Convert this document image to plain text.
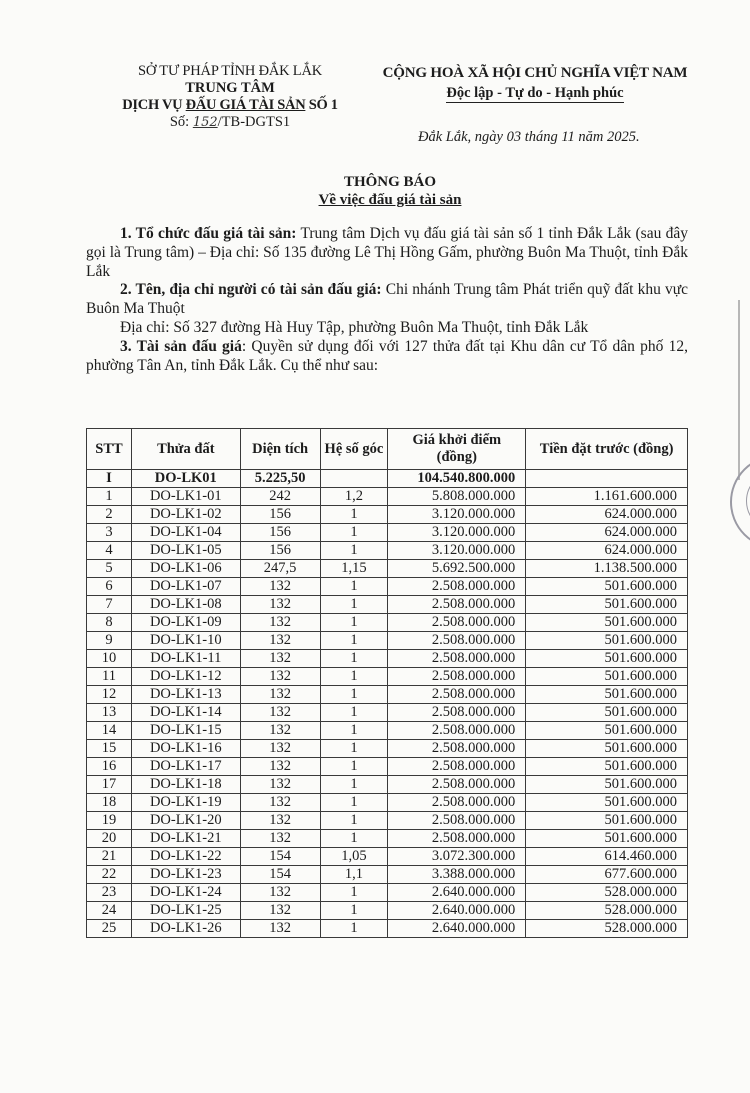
SỞ TƯ PHÁP TỈNH ĐẮK LẮK
TRUNG TÂM
DỊCH VỤ ĐẤU GIÁ TÀI SẢN SỐ 1
Số: 152/TB-DGTS1
CỘNG HOÀ XÃ HỘI CHỦ NGHĨA VIỆT NAM
Độc lập - Tự do - Hạnh phúc
Đắk Lắk, ngày 03 tháng 11 năm 2025.
THÔNG BÁO
Về việc đấu giá tài sản

1. Tổ chức đấu giá tài sản: Trung tâm Dịch vụ đấu giá tài sản số 1 tỉnh Đắk Lắk (sau đây gọi là Trung tâm) – Địa chỉ: Số 135 đường Lê Thị Hồng Gấm, phường Buôn Ma Thuột, tỉnh Đắk Lắk

2. Tên, địa chỉ người có tài sản đấu giá: Chi nhánh Trung tâm Phát triển quỹ đất khu vực Buôn Ma Thuột

Địa chỉ: Số 327 đường Hà Huy Tập, phường Buôn Ma Thuột, tỉnh Đắk Lắk

3. Tài sản đấu giá: Quyền sử dụng đối với 127 thửa đất tại Khu dân cư Tổ dân phố 12, phường Tân An, tỉnh Đắk Lắk. Cụ thể như sau:

STT	Thửa đất	Diện tích	Hệ số góc	Giá khởi điểm (đồng)	Tiền đặt trước (đồng)
I	DO-LK01	5.225,50		104.540.800.000	
1	DO-LK1-01	242	1,2	5.808.000.000	1.161.600.000
2	DO-LK1-02	156	1	3.120.000.000	624.000.000
3	DO-LK1-04	156	1	3.120.000.000	624.000.000
4	DO-LK1-05	156	1	3.120.000.000	624.000.000
5	DO-LK1-06	247,5	1,15	5.692.500.000	1.138.500.000
6	DO-LK1-07	132	1	2.508.000.000	501.600.000
7	DO-LK1-08	132	1	2.508.000.000	501.600.000
8	DO-LK1-09	132	1	2.508.000.000	501.600.000
9	DO-LK1-10	132	1	2.508.000.000	501.600.000
10	DO-LK1-11	132	1	2.508.000.000	501.600.000
11	DO-LK1-12	132	1	2.508.000.000	501.600.000
12	DO-LK1-13	132	1	2.508.000.000	501.600.000
13	DO-LK1-14	132	1	2.508.000.000	501.600.000
14	DO-LK1-15	132	1	2.508.000.000	501.600.000
15	DO-LK1-16	132	1	2.508.000.000	501.600.000
16	DO-LK1-17	132	1	2.508.000.000	501.600.000
17	DO-LK1-18	132	1	2.508.000.000	501.600.000
18	DO-LK1-19	132	1	2.508.000.000	501.600.000
19	DO-LK1-20	132	1	2.508.000.000	501.600.000
20	DO-LK1-21	132	1	2.508.000.000	501.600.000
21	DO-LK1-22	154	1,05	3.072.300.000	614.460.000
22	DO-LK1-23	154	1,1	3.388.000.000	677.600.000
23	DO-LK1-24	132	1	2.640.000.000	528.000.000
24	DO-LK1-25	132	1	2.640.000.000	528.000.000
25	DO-LK1-26	132	1	2.640.000.000	528.000.000
